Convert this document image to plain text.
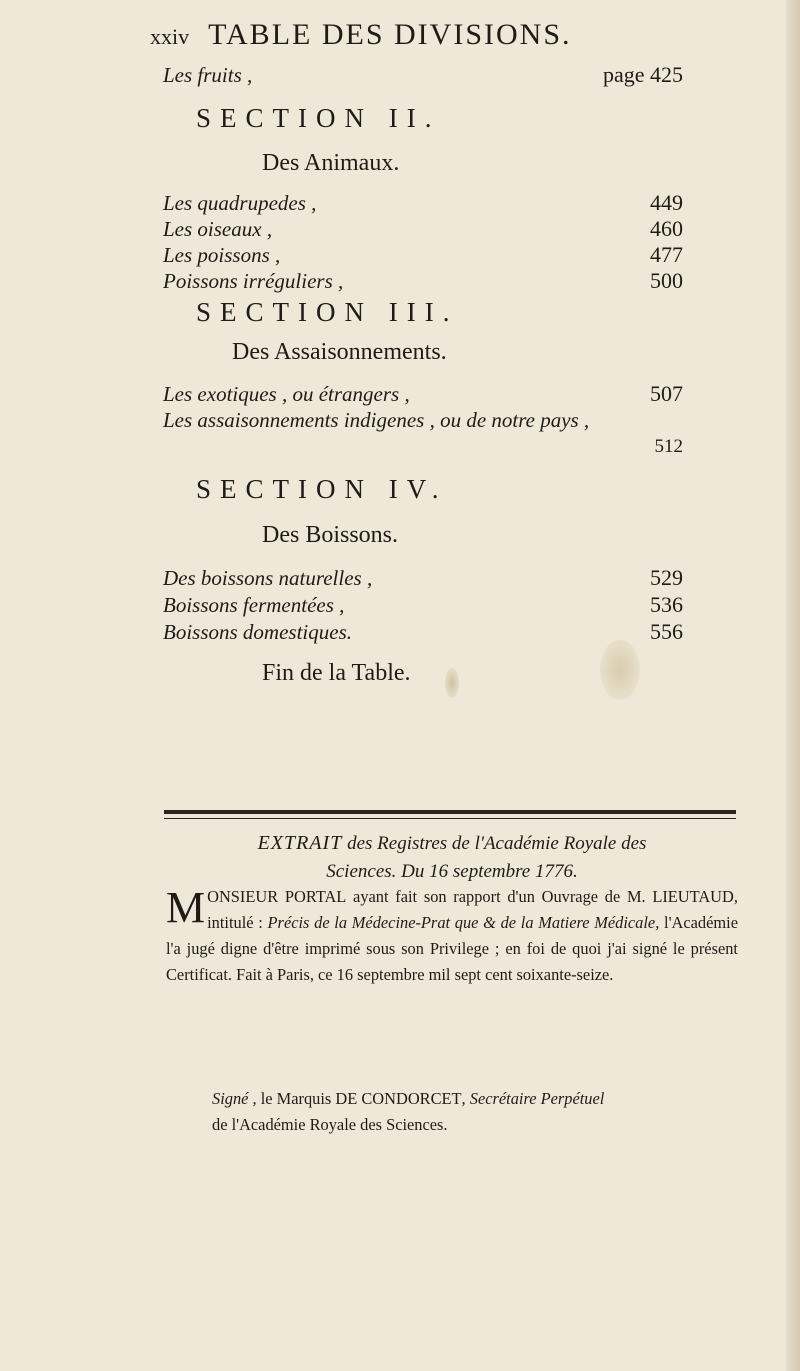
xxiv TABLE DES DIVISIONS.
Les fruits ,	page 425
SECTION II.
Des Animaux.
Les quadrupedes ,	449
Les oiseaux ,	460
Les poissons ,	477
Poissons irréguliers ,	500
SECTION III.
Des Assaisonnements.
Les exotiques , ou étrangers ,	507
Les assaisonnements indigenes , ou de notre pays ,
512
SECTION IV.
Des Boissons.
Des boissons naturelles ,	529
Boissons fermentées ,	536
Boissons domestiques.	556
Fin de la Table.
EXTRAIT des Registres de l'Académie Royale des
Sciences. Du 16 septembre 1776.
MONSIEUR PORTAL ayant fait son rapport d'un Ouvrage de M. LIEUTAUD, intitulé : Précis de la Médecine-Prat que & de la Matiere Médicale, l'Académie l'a jugé digne d'être imprimé sous son Privilege ; en foi de quoi j'ai signé le présent Certificat. Fait à Paris, ce 16 septembre mil sept cent soixante-seize.
Signé , le Marquis DE CONDORCET, Secrétaire Perpétuel
de l'Académie Royale des Sciences.
